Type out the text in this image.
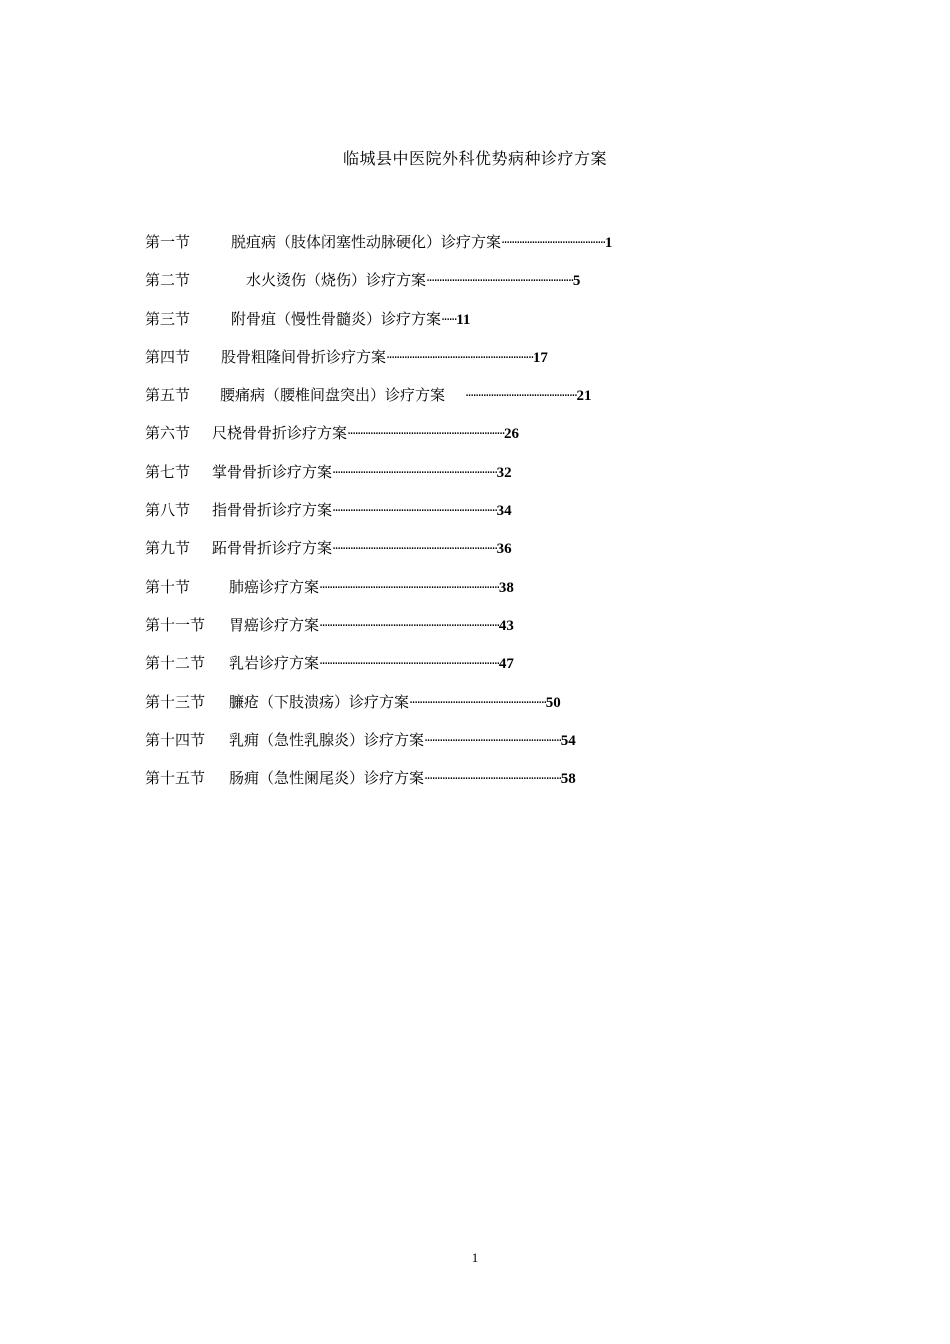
临城县中医院外科优势病种诊疗方案
第一节	脱疽病（肢体闭塞性动脉硬化）诊疗方案·········································1
第二节	水火烫伤（烧伤）诊疗方案··························································5
第三节	附骨疽（慢性骨髓炎）诊疗方案······11
第四节 股骨粗隆间骨折诊疗方案··························································17
第五节 腰痛病（腰椎间盘突出）诊疗方案 ············································21
第六节 尺桡骨骨折诊疗方案······························································26
第七节 掌骨骨折诊疗方案·································································32
第八节 指骨骨折诊疗方案·································································34
第九节 跖骨骨折诊疗方案·································································36
第十节	肺癌诊疗方案·······································································38
第十一节 胃癌诊疗方案·······································································43
第十二节 乳岩诊疗方案·······································································47
第十三节 臁疮（下肢溃疡）诊疗方案······················································50
第十四节 乳痈（急性乳腺炎）诊疗方案······················································54
第十五节 肠痈（急性阑尾炎）诊疗方案······················································58
1
